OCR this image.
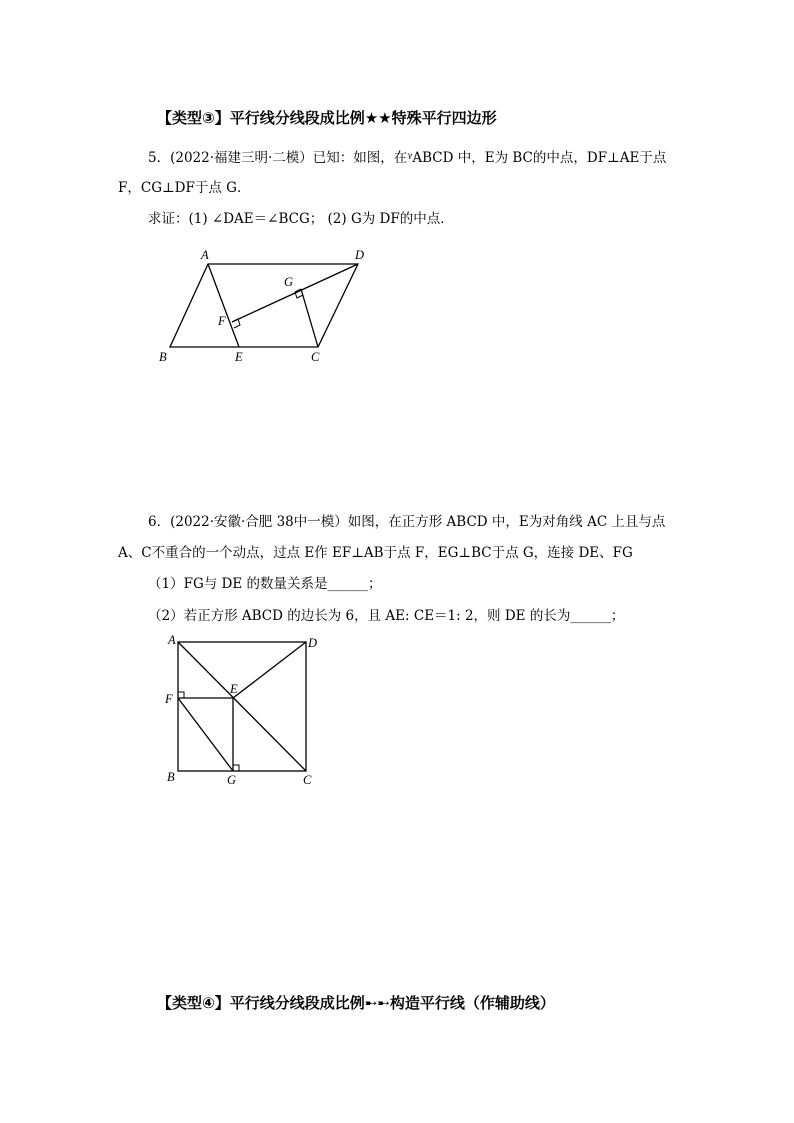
【类型③】平行线分线段成比例★★特殊平行四边形
5．(2022·福建三明·二模）已知：如图，在ᵞABCD 中，E为 BC的中点，DF⊥AE于点
F，CG⊥DF于点 G．
求证：(1) ∠DAE＝∠BCG； (2) G为 DF的中点．
A	D
G
F
B	E	C
6．(2022·安徽·合肥 38中一模）如图，在正方形 ABCD 中，E为对角线 AC 上且与点
A、C不重合的一个动点，过点 E作 EF⊥AB于点 F，EG⊥BC于点 G，连接 DE、FG
（1）FG与 DE 的数量关系是______；
（2）若正方形 ABCD 的边长为 6，且 AE: CE＝1: 2，则 DE 的长为______；
A	D
E
F
B	G	C
【类型④】平行线分线段成比例➸➸构造平行线（作辅助线）
